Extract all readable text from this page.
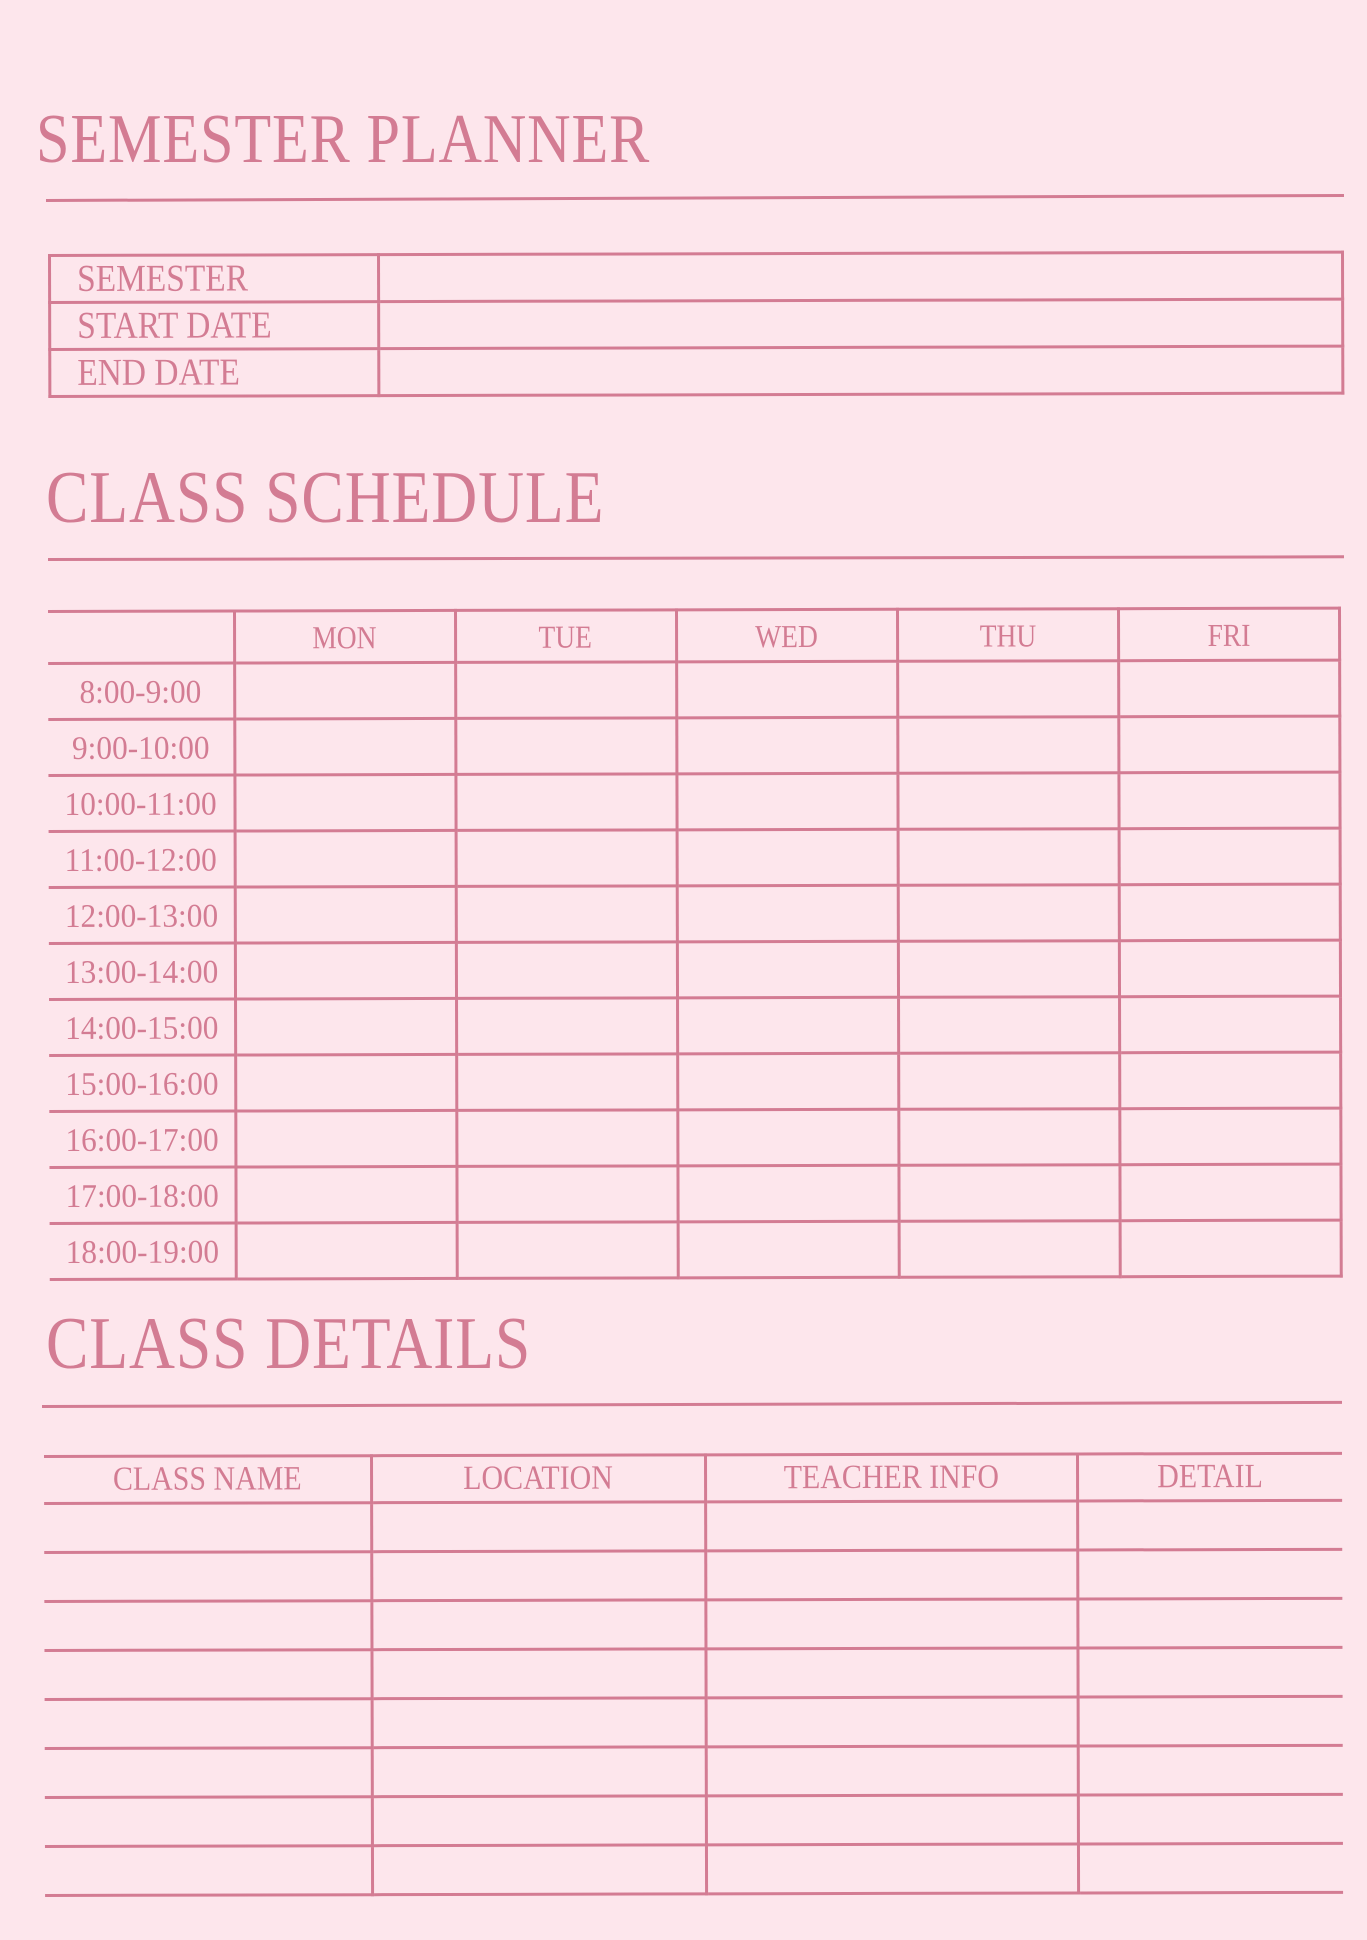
SEMESTER PLANNER
SEMESTER	

START DATE	

END DATE	
CLASS SCHEDULE
	MON	TUE	WED	THU	FRI
8:00-9:00					
9:00-10:00					
10:00-11:00					
11:00-12:00					
12:00-13:00					
13:00-14:00					
14:00-15:00					
15:00-16:00					
16:00-17:00					
17:00-18:00					
18:00-19:00					
CLASS DETAILS
CLASS NAME	LOCATION	TEACHER INFO	DETAIL
